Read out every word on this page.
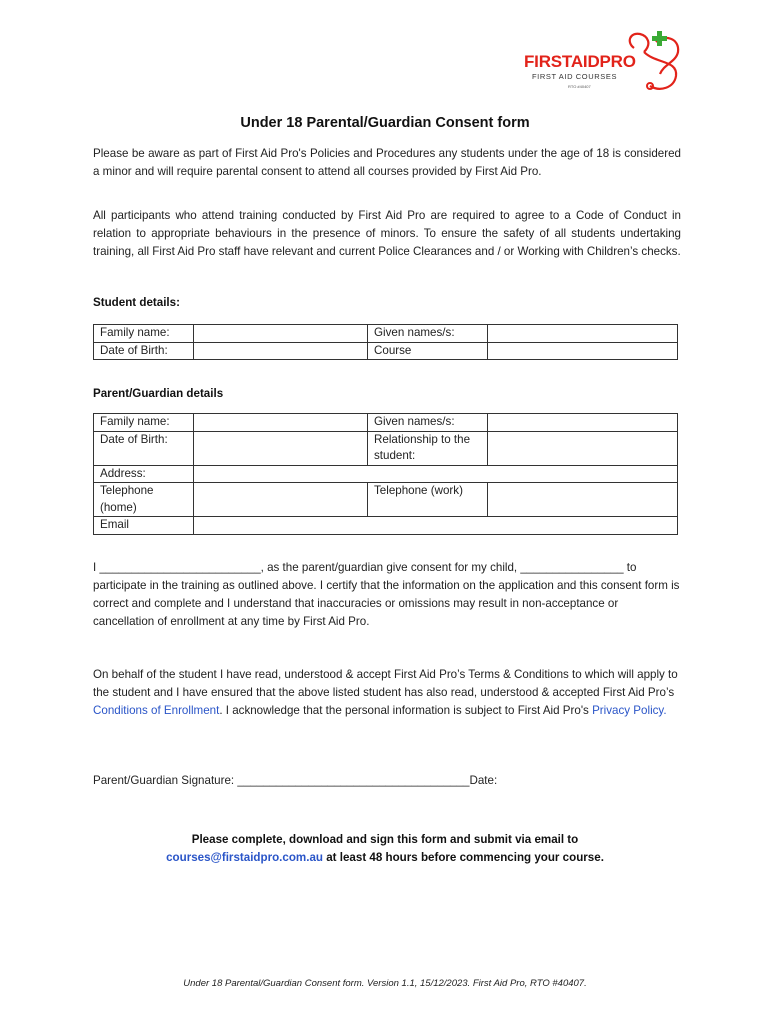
FIRSTAIDPRO
FIRST AID COURSES
RTO #40407
Under 18 Parental/Guardian Consent form
Please be aware as part of First Aid Pro's Policies and Procedures any students under the age of 18 is considered a minor and will require parental consent to attend all courses provided by First Aid Pro.
All participants who attend training conducted by First Aid Pro are required to agree to a Code of Conduct in relation to appropriate behaviours in the presence of minors. To ensure the safety of all students undertaking training, all First Aid Pro staff have relevant and current Police Clearances and / or Working with Children’s checks.
Student details:
Family name:		Given names/s:	
Date of Birth:		Course	
Parent/Guardian details
Family name:		Given names/s:	
Date of Birth:		Relationship to the student:	
Address:			
Telephone (home)		Telephone (work)	
Email			
I _________________________, as the parent/guardian give consent for my child, ________________ to participate in the training as outlined above. I certify that the information on the application and this consent form is correct and complete and I understand that inaccuracies or omissions may result in non-acceptance or cancellation of enrollment at any time by First Aid Pro.
On behalf of the student I have read, understood & accept First Aid Pro’s Terms & Conditions to which will apply to the student and I have ensured that the above listed student has also read, understood & accepted First Aid Pro’s Conditions of Enrollment. I acknowledge that the personal information is subject to First Aid Pro's Privacy Policy.
Parent/Guardian Signature: ____________________________________Date:
Please complete, download and sign this form and submit via email to
courses@firstaidpro.com.au at least 48 hours before commencing your course.
Under 18 Parental/Guardian Consent form. Version 1.1, 15/12/2023. First Aid Pro, RTO #40407.
